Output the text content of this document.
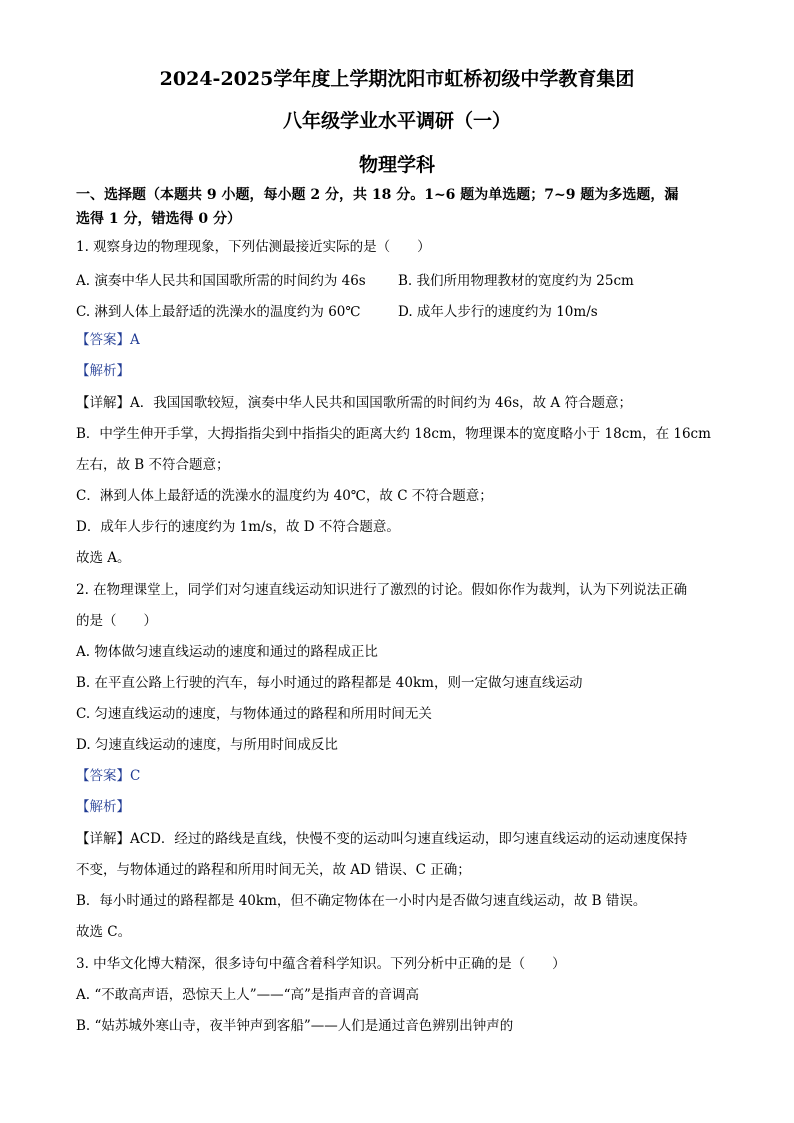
2024-2025学年度上学期沈阳市虹桥初级中学教育集团
八年级学业水平调研（一）
物理学科
一、选择题（本题共 9 小题，每小题 2 分，共 18 分。1~6 题为单选题；7~9 题为多选题，漏
选得 1 分，错选得 0 分）
1. 观察身边的物理现象，下列估测最接近实际的是（　　）
A. 演奏中华人民共和国国歌所需的时间约为 46s B. 我们所用物理教材的宽度约为 25cm
C. 淋到人体上最舒适的洗澡水的温度约为 60℃	D. 成年人步行的速度约为 10m/s
【答案】A
【解析】
【详解】A．我国国歌较短，演奏中华人民共和国国歌所需的时间约为 46s，故 A 符合题意；
B．中学生伸开手掌，大拇指指尖到中指指尖的距离大约 18cm，物理课本的宽度略小于 18cm，在 16cm
左右，故 B 不符合题意；
C．淋到人体上最舒适的洗澡水的温度约为 40℃，故 C 不符合题意；
D．成年人步行的速度约为 1m/s，故 D 不符合题意。
故选 A。
2. 在物理课堂上，同学们对匀速直线运动知识进行了激烈的讨论。假如你作为裁判，认为下列说法正确
的是（　　）
A. 物体做匀速直线运动的速度和通过的路程成正比
B. 在平直公路上行驶的汽车，每小时通过的路程都是 40km，则一定做匀速直线运动
C. 匀速直线运动的速度，与物体通过的路程和所用时间无关
D. 匀速直线运动的速度，与所用时间成反比
【答案】C
【解析】
【详解】ACD．经过的路线是直线，快慢不变的运动叫匀速直线运动，即匀速直线运动的运动速度保持
不变，与物体通过的路程和所用时间无关，故 AD 错误、C 正确；
B．每小时通过的路程都是 40km，但不确定物体在一小时内是否做匀速直线运动，故 B 错误。
故选 C。
3. 中华文化博大精深，很多诗句中蕴含着科学知识。下列分析中正确的是（　　）
A. “不敢高声语，恐惊天上人”——“高”是指声音的音调高
B. “姑苏城外寒山寺，夜半钟声到客船”——人们是通过音色辨别出钟声的
